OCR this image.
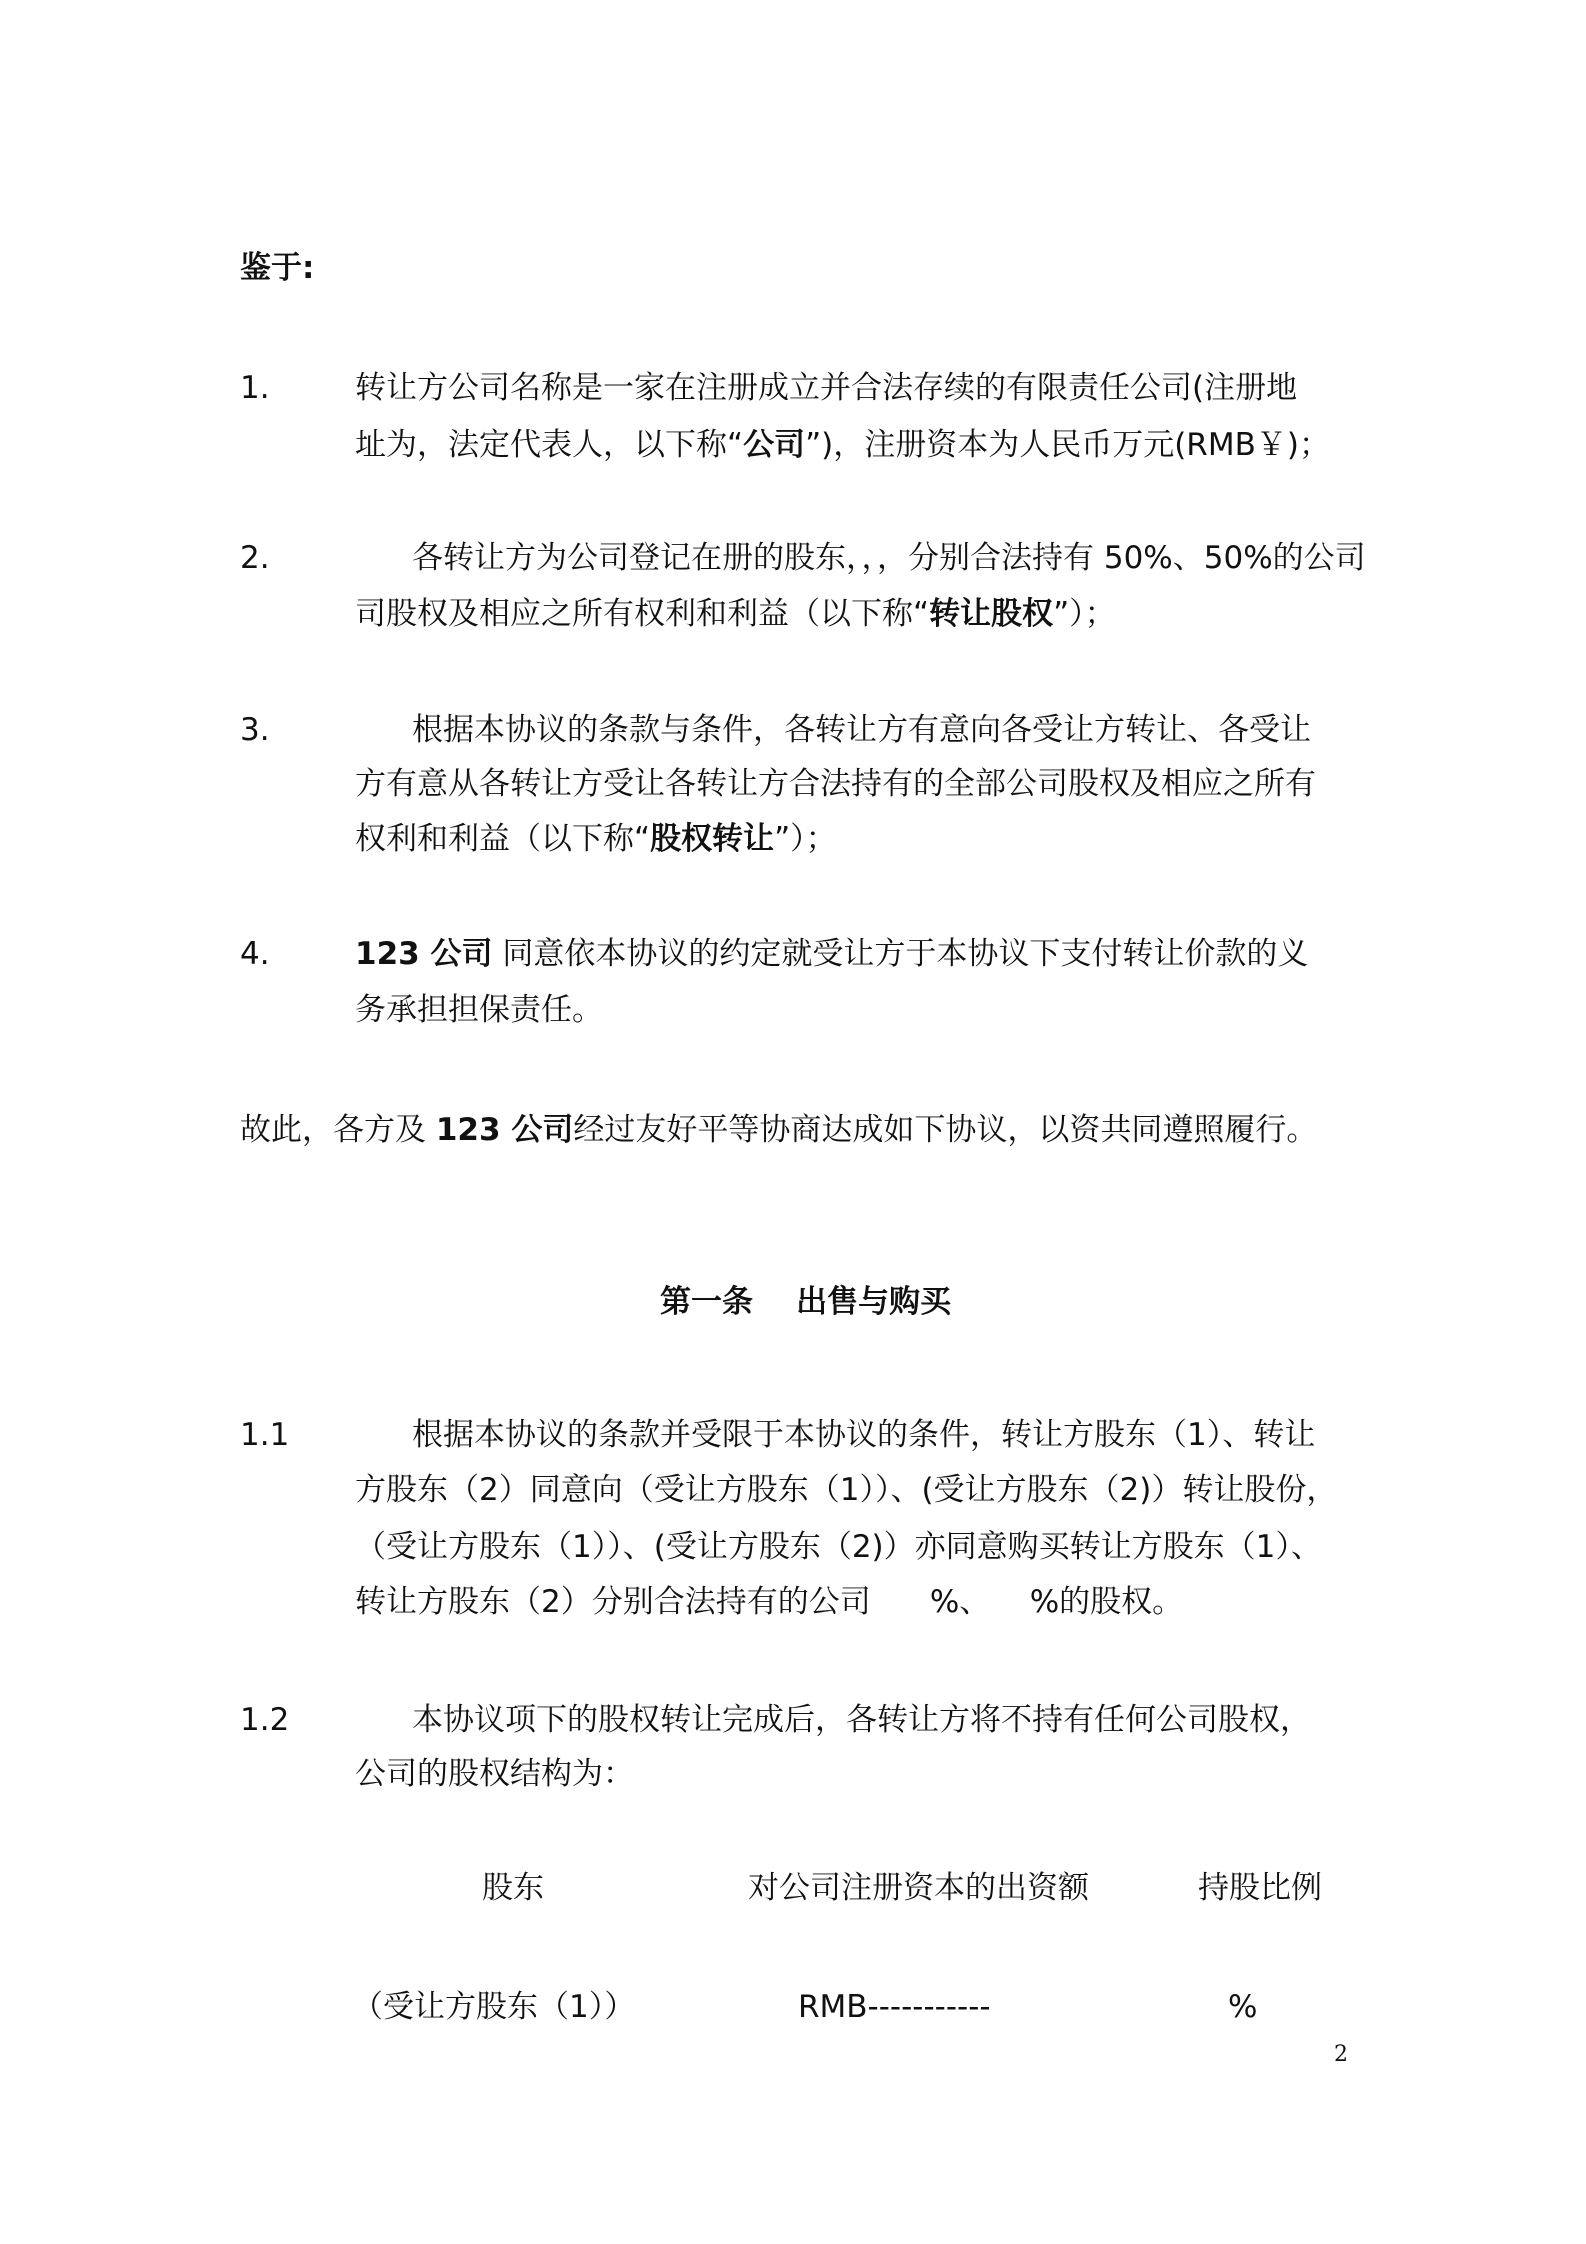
鉴于:
1.	转让方公司名称是一家在注册成立并合法存续的有限责任公司(注册地
址为，法定代表人，以下称“公司”)，注册资本为人民币万元(RMB￥)；
2.	各转让方为公司登记在册的股东，，，分别合法持有 50%、50%的公司
司股权及相应之所有权利和利益（以下称“转让股权”）；
3.	根据本协议的条款与条件，各转让方有意向各受让方转让、各受让
方有意从各转让方受让各转让方合法持有的全部公司股权及相应之所有
权利和利益（以下称“股权转让”）；
4.	123 公司 同意依本协议的约定就受让方于本协议下支付转让价款的义
务承担担保责任。
故此，各方及 123 公司经过友好平等协商达成如下协议，以资共同遵照履行。
第一条    出售与购买
1.1	根据本协议的条款并受限于本协议的条件，转让方股东（1）、转让
方股东（2）同意向（受让方股东（1））、(受让方股东（2)）转让股份，
（受让方股东（1））、(受让方股东（2)）亦同意购买转让方股东（1）、
转让方股东（2）分别合法持有的公司      %、    %的股权。
1.2	本协议项下的股权转让完成后，各转让方将不持有任何公司股权，
公司的股权结构为：
股东	对公司注册资本的出资额	持股比例
（受让方股东（1））	RMB-----------	%
2
